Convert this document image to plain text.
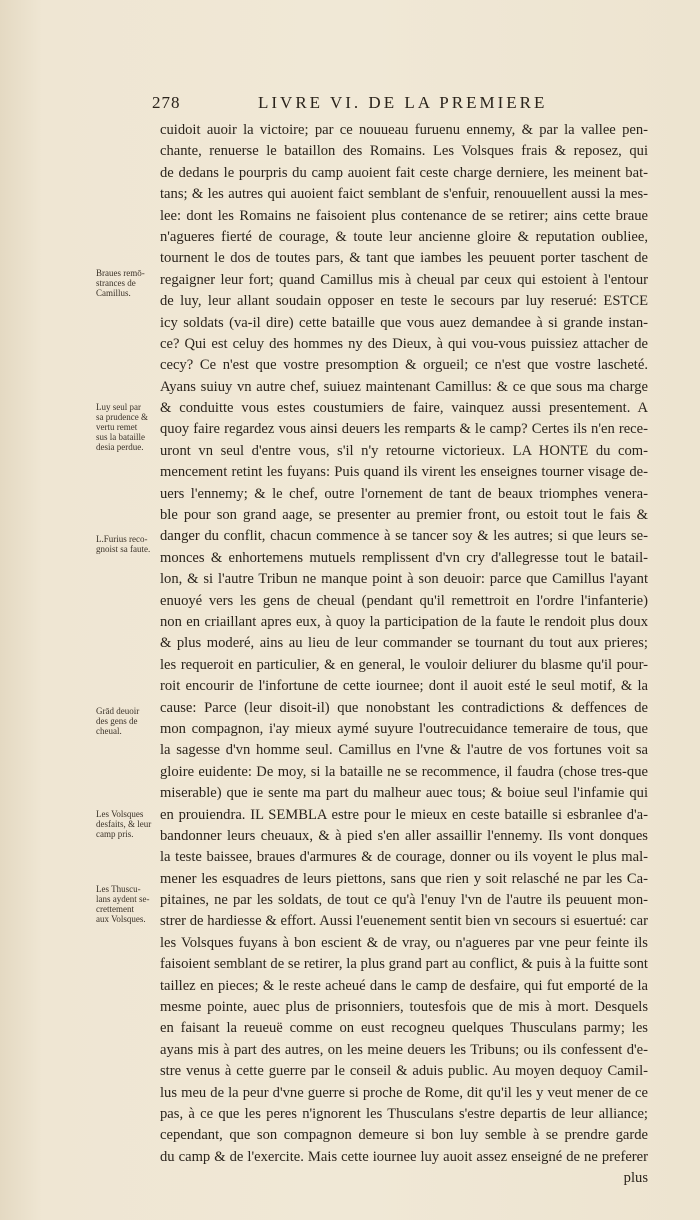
278	LIVRE VI. DE LA PREMIERE
cuidoit auoir la victoire; par ce nouueau furuenu ennemy, & par la vallee pen-
chante, renuerse le bataillon des Romains. Les Volsques frais & reposez, qui
de dedans le pourpris du camp auoient fait ceste charge derniere, les meinent bat-
tans; & les autres qui auoient faict semblant de s'enfuir, renouuellent aussi la mes-
lee: dont les Romains ne faisoient plus contenance de se retirer; ains cette braue
n'agueres fierté de courage, & toute leur ancienne gloire & reputation oubliee,
tournent le dos de toutes pars, & tant que iambes les peuuent porter taschent de
regaigner leur fort; quand Camillus mis à cheual par ceux qui estoient à l'entour
de luy, leur allant soudain opposer en teste le secours par luy reserué: ESTCE
icy soldats (va-il dire) cette bataille que vous auez demandee à si grande instan-
ce? Qui est celuy des hommes ny des Dieux, à qui vou-vous puissiez attacher de
cecy? Ce n'est que vostre presomption & orgueil; ce n'est que vostre lascheté.
Ayans suiuy vn autre chef, suiuez maintenant Camillus: & ce que sous ma charge
& conduitte vous estes coustumiers de faire, vainquez aussi presentement. A
quoy faire regardez vous ainsi deuers les remparts & le camp? Certes ils n'en rece-
uront vn seul d'entre vous, s'il n'y retourne victorieux. LA HONTE du com-
mencement retint les fuyans: Puis quand ils virent les enseignes tourner visage de-
uers l'ennemy; & le chef, outre l'ornement de tant de beaux triomphes venera-
ble pour son grand aage, se presenter au premier front, ou estoit tout le fais &
danger du conflit, chacun commence à se tancer soy & les autres; si que leurs se-
monces & enhortemens mutuels remplissent d'vn cry d'allegresse tout le batail-
lon, & si l'autre Tribun ne manque point à son deuoir: parce que Camillus l'ayant
enuoyé vers les gens de cheual (pendant qu'il remettroit en l'ordre l'infanterie)
non en criaillant apres eux, à quoy la participation de la faute le rendoit plus doux
& plus moderé, ains au lieu de leur commander se tournant du tout aux prieres;
les requeroit en particulier, & en general, le vouloir deliurer du blasme qu'il pour-
roit encourir de l'infortune de cette iournee; dont il auoit esté le seul motif, & la
cause: Parce (leur disoit-il) que nonobstant les contradictions & deffences de
mon compagnon, i'ay mieux aymé suyure l'outrecuidance temeraire de tous, que
la sagesse d'vn homme seul. Camillus en l'vne & l'autre de vos fortunes voit sa
gloire euidente: De moy, si la bataille ne se recommence, il faudra (chose tres-que
miserable) que ie sente ma part du malheur auec tous; & boiue seul l'infamie qui
en prouiendra. IL SEMBLA estre pour le mieux en ceste bataille si esbranlee d'a-
bandonner leurs cheuaux, & à pied s'en aller assaillir l'ennemy. Ils vont donques
la teste baissee, braues d'armures & de courage, donner ou ils voyent le plus mal-
mener les esquadres de leurs piettons, sans que rien y soit relasché ne par les Ca-
pitaines, ne par les soldats, de tout ce qu'à l'enuy l'vn de l'autre ils peuuent mon-
strer de hardiesse & effort. Aussi l'euenement sentit bien vn secours si esuertué: car
les Volsques fuyans à bon escient & de vray, ou n'agueres par vne peur feinte ils
faisoient semblant de se retirer, la plus grand part au conflict, & puis à la fuitte sont
taillez en pieces; & le reste acheué dans le camp de desfaire, qui fut emporté de la
mesme pointe, auec plus de prisonniers, toutesfois que de mis à mort. Desquels
en faisant la reueuë comme on eust recogneu quelques Thusculans parmy; les
ayans mis à part des autres, on les meine deuers les Tribuns; ou ils confessent d'e-
stre venus à cette guerre par le conseil & aduis public. Au moyen dequoy Camil-
lus meu de la peur d'vne guerre si proche de Rome, dit qu'il les y veut mener de ce
pas, à ce que les peres n'ignorent les Thusculans s'estre departis de leur alliance;
cependant, que son compagnon demeure si bon luy semble à se prendre garde
du camp & de l'exercite. Mais cette iournee luy auoit assez enseigné de ne preferer
plus
Braues remō-
strances de
Camillus.
Luy seul par
sa prudence &
vertu remet
sus la bataille
desia perdue.
L.Furius reco-
gnoist sa faute.
Grād deuoir
des gens de
cheual.
Les Volsques
desfaits, & leur
camp pris.
Les Thuscu-
lans aydent se-
crettement
aux Volsques.
